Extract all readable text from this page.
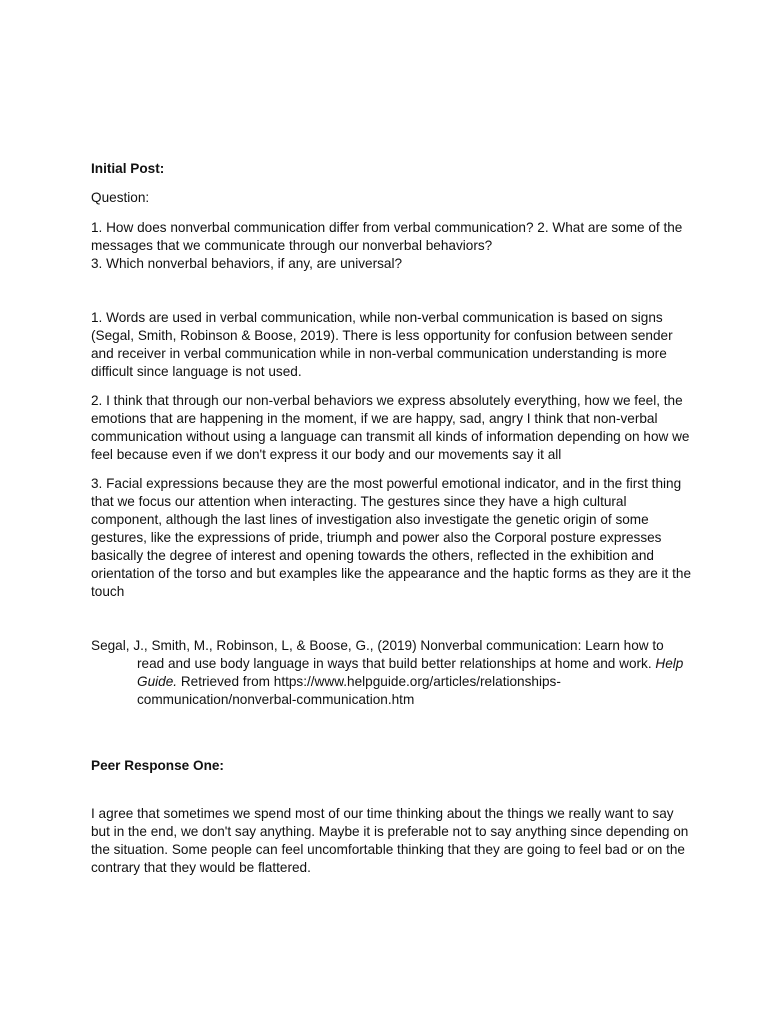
Initial Post:

Question:

1. How does nonverbal communication differ from verbal communication? 2. What are some of the messages that we communicate through our nonverbal behaviors?
3. Which nonverbal behaviors, if any, are universal?

1. Words are used in verbal communication, while non-verbal communication is based on signs (Segal, Smith, Robinson & Boose, 2019). There is less opportunity for confusion between sender and receiver in verbal communication while in non-verbal communication understanding is more difficult since language is not used.

2. I think that through our non-verbal behaviors we express absolutely everything, how we feel, the emotions that are happening in the moment, if we are happy, sad, angry I think that non-verbal communication without using a language can transmit all kinds of information depending on how we feel because even if we don't express it our body and our movements say it all

3. Facial expressions because they are the most powerful emotional indicator, and in the first thing that we focus our attention when interacting. The gestures since they have a high cultural component, although the last lines of investigation also investigate the genetic origin of some gestures, like the expressions of pride, triumph and power also the Corporal posture expresses basically the degree of interest and opening towards the others, reflected in the exhibition and orientation of the torso and but examples like the appearance and the haptic forms as they are it the touch

Segal, J., Smith, M., Robinson, L, & Boose, G., (2019) Nonverbal communication: Learn how to read and use body language in ways that build better relationships at home and work. Help Guide. Retrieved from https://www.helpguide.org/articles/relationships-communication/nonverbal-communication.htm

Peer Response One:

I agree that sometimes we spend most of our time thinking about the things we really want to say but in the end, we don't say anything. Maybe it is preferable not to say anything since depending on the situation. Some people can feel uncomfortable thinking that they are going to feel bad or on the contrary that they would be flattered.
